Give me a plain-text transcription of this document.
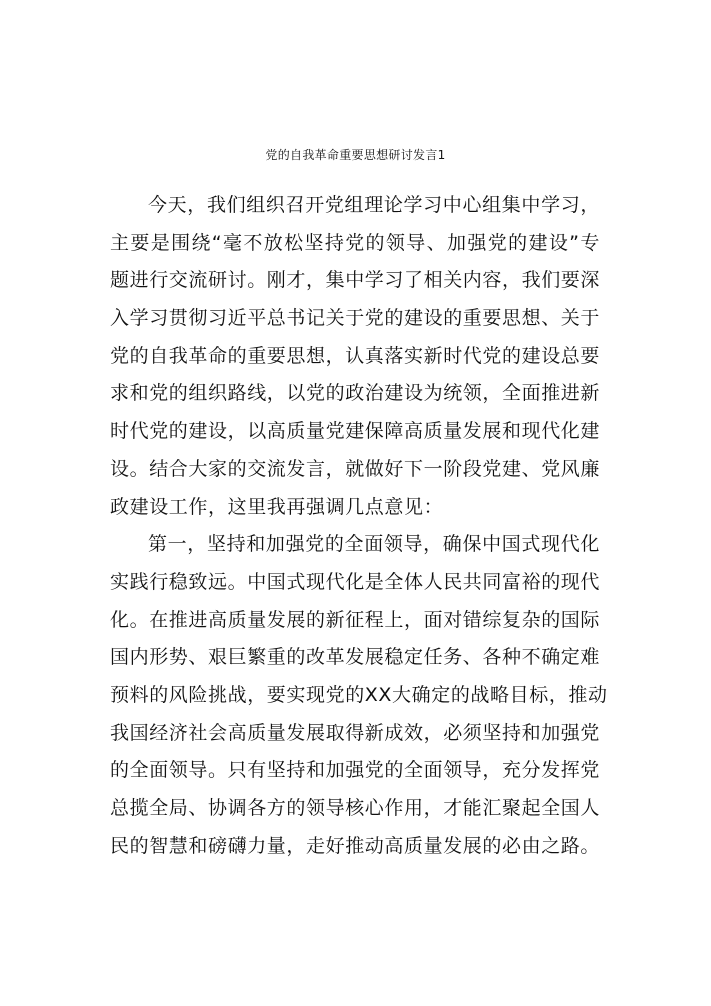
党的自我革命重要思想研讨发言1
今天，我们组织召开党组理论学习中心组集中学习，
主要是围绕“毫不放松坚持党的领导、加强党的建设”专
题进行交流研讨。刚才，集中学习了相关内容，我们要深
入学习贯彻习近平总书记关于党的建设的重要思想、关于
党的自我革命的重要思想，认真落实新时代党的建设总要
求和党的组织路线，以党的政治建设为统领，全面推进新
时代党的建设，以高质量党建保障高质量发展和现代化建
设。结合大家的交流发言，就做好下一阶段党建、党风廉
政建设工作，这里我再强调几点意见：
第一，坚持和加强党的全面领导，确保中国式现代化
实践行稳致远。中国式现代化是全体人民共同富裕的现代
化。在推进高质量发展的新征程上，面对错综复杂的国际
国内形势、艰巨繁重的改革发展稳定任务、各种不确定难
预料的风险挑战，要实现党的XX大确定的战略目标，推动
我国经济社会高质量发展取得新成效，必须坚持和加强党
的全面领导。只有坚持和加强党的全面领导，充分发挥党
总揽全局、协调各方的领导核心作用，才能汇聚起全国人
民的智慧和磅礴力量，走好推动高质量发展的必由之路。
